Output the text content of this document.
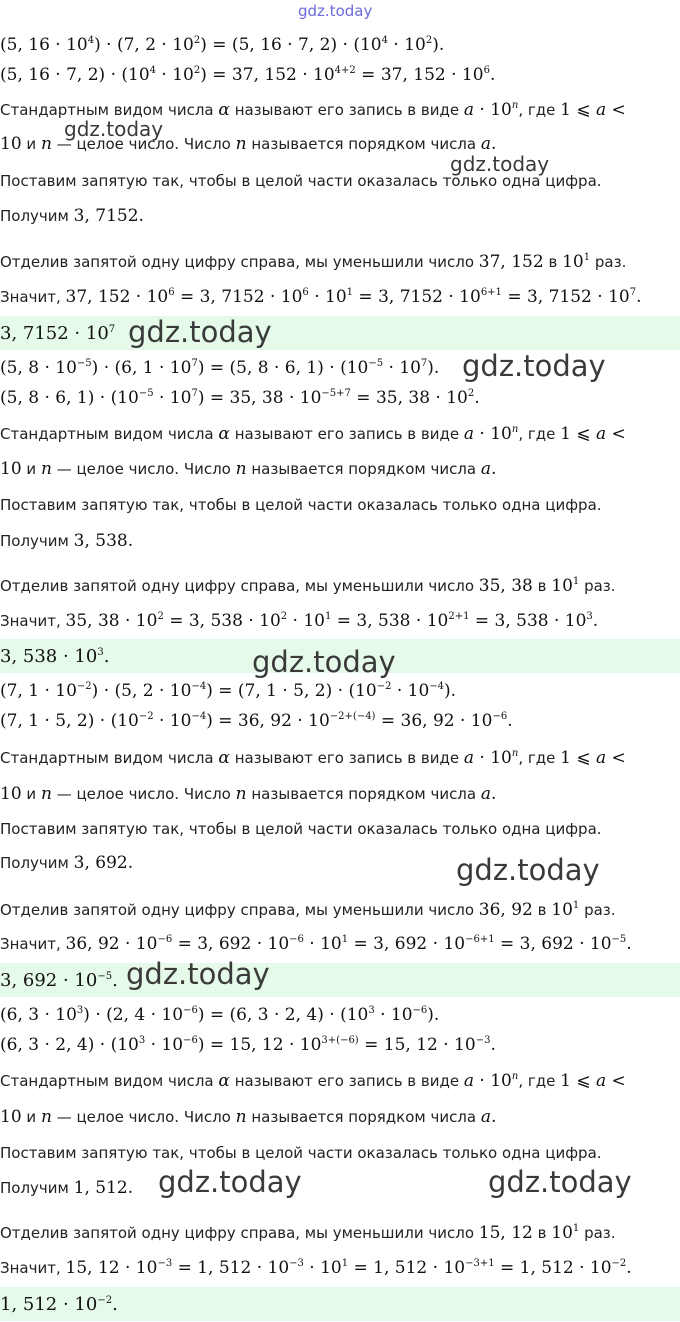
(5, $16 \cdot 10^4) \cdot (7$, $2 \cdot 10^2) = (5$, 16 · 7, $2) \cdot (10^4 \cdot 10^2)$.
(5, 16 · 7, $2) \cdot (10^4 \cdot 10^2) = 37$, $152 \cdot 10^{4+2} = 37$, $152 \cdot 10^6$.
Стандартным видом числа
α
называют его запись в виде
$a \cdot 10^n$ , где
1 ⩽ a <
10
и
n
— целое число. Число
n
называется порядком числа
a.
Поставим запятую так, чтобы в целой части оказалась только одна цифра.
Получим
3, 7152.
Отделив запятой одну цифру справа, мы уменьшили число
37, 152
в
$10^1$
раз.
Значит,
37, $152 \cdot 10^6 = 3$, $7152 \cdot 10^6 \cdot 10^1 = 3$, $7152 \cdot 10^{6+1} = 3$, $7152 \cdot 10^7$.
3, $7152 \cdot 10^7$
(5, $8 \cdot 10^{-5}) \cdot (6$, $1 \cdot 10^7) = (5$, 8 · 6, $1) \cdot (10^{-5} \cdot 10^7)$.
(5, 8 · 6, $1) \cdot (10^{-5} \cdot 10^7) = 35$, $38 \cdot 10^{-5+7} = 35$, $38 \cdot 10^2$.
Стандартным видом числа
α
называют его запись в виде
$a \cdot 10^n$ , где
1 ⩽ a <
10
и
n
— целое число. Число
n
называется порядком числа
a.
Поставим запятую так, чтобы в целой части оказалась только одна цифра.
Получим
3, 538.
Отделив запятой одну цифру справа, мы уменьшили число
35, 38
в
$10^1$
раз.
Значит,
35, $38 \cdot 10^2 = 3$, $538 \cdot 10^2 \cdot 10^1 = 3$, $538 \cdot 10^{2+1} = 3$, $538 \cdot 10^3$.
3, $538 \cdot 10^3$.
(7, $1 \cdot 10^{-2}) \cdot (5$, $2 \cdot 10^{-4}) = (7$, 1 · 5, $2) \cdot (10^{-2} \cdot 10^{-4})$.
(7, 1 · 5, $2) \cdot (10^{-2} \cdot 10^{-4}) = 36$, $92 \cdot 10^{-2+(-4)} = 36$, $92 \cdot 10^{-6}$.
Стандартным видом числа
α
называют его запись в виде
$a \cdot 10^n$ , где
1 ⩽ a <
10
и
n
— целое число. Число
n
называется порядком числа
a.
Поставим запятую так, чтобы в целой части оказалась только одна цифра.
Получим
3, 692.
Отделив запятой одну цифру справа, мы уменьшили число
36, 92
в
$10^1$
раз.
Значит,
36, $92 \cdot 10^{-6} = 3$, $692 \cdot 10^{-6} \cdot 10^1 = 3$, $692 \cdot 10^{-6+1} = 3$, $692 \cdot 10^{-5}$.
3, $692 \cdot 10^{-5}$.
(6, $3 \cdot 10^3) \cdot (2$, $4 \cdot 10^{-6}) = (6$, 3 · 2, $4) \cdot (10^3 \cdot 10^{-6})$.
(6, 3 · 2, $4) \cdot (10^3 \cdot 10^{-6}) = 15$, $12 \cdot 10^{3+(-6)} = 15$, $12 \cdot 10^{-3}$.
Стандартным видом числа
α
называют его запись в виде
$a \cdot 10^n$ , где
1 ⩽ a <
10
и
n
— целое число. Число
n
называется порядком числа
a.
Поставим запятую так, чтобы в целой части оказалась только одна цифра.
Получим
1, 512.
Отделив запятой одну цифру справа, мы уменьшили число
15, 12
в
$10^1$
раз.
Значит,
15, $12 \cdot 10^{-3} = 1$, $512 \cdot 10^{-3} \cdot 10^1 = 1$, $512 \cdot 10^{-3+1} = 1$, $512 \cdot 10^{-2}$.
1, $512 \cdot 10^{-2}$.
gdz.today
gdz.today
gdz.today
gdz.today
gdz.today
gdz.today
gdz.today
gdz.today
gdz.today	gdz.today
